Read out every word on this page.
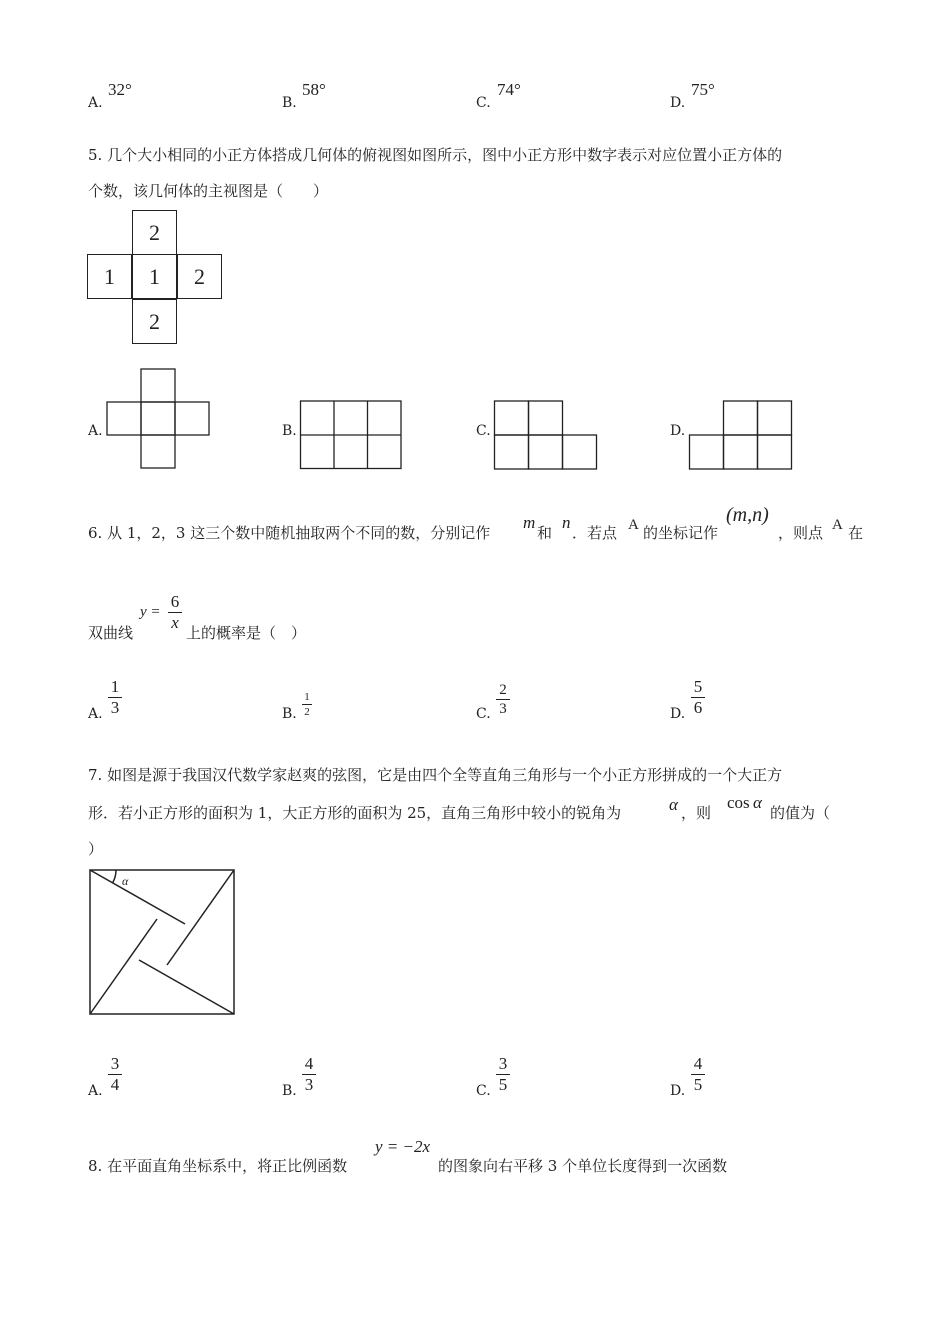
A.
32°
B.
58°
C.
74°
D.
75°
5. 几个大小相同的小正方体搭成几何体的俯视图如图所示，图中小正方形中数字表示对应位置小正方体的
个数，该几何体的主视图是（　　）
2
1	1	2
2
A.	B.	C.	D.
6. 从 1，2，3 这三个数中随机抽取两个不同的数，分别记作
m
和
n
．若点 A 的坐标记作
(m,n)
，则点 A 在
双曲线
y =
6
x
上的概率是（　）
A.
1
3	B.
1
2	C.
2
3	D.
5
6
7. 如图是源于我国汉代数学家赵爽的弦图，它是由四个全等直角三角形与一个小正方形拼成的一个大正方
形．若小正方形的面积为 1，大正方形的面积为 25，直角三角形中较小的锐角为	α ，则
cos α
的值为（
）
α
A.
3
4	B.
4
3	C.
3
5	D.
4
5
8. 在平面直角坐标系中，将正比例函数
y = −2x
的图象向右平移 3 个单位长度得到一次函数
